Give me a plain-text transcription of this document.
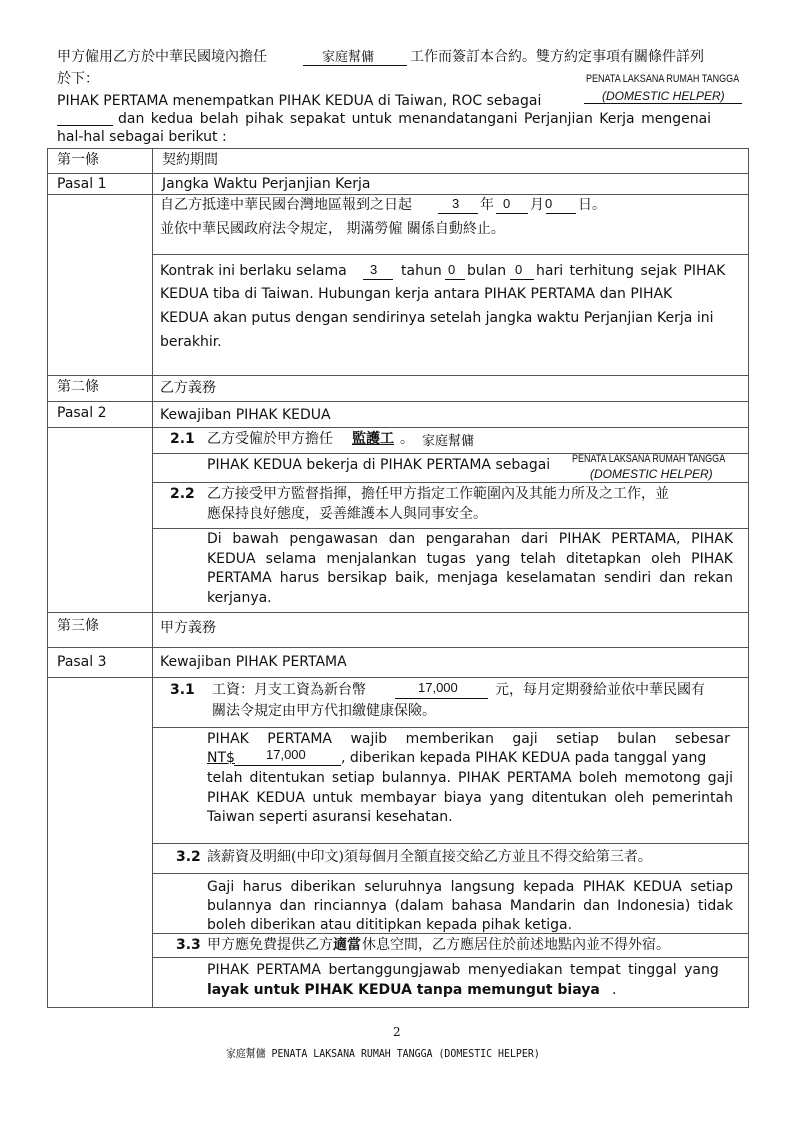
甲方僱用乙方於中華民國境內擔任	家庭幫傭	工作而簽訂本合約。雙方約定事項有關條件詳列
於下：	PENATA LAKSANA RUMAH TANGGA
(DOMESTIC HELPER)
PIHAK PERTAMA menempatkan PIHAK KEDUA di Taiwan, ROC sebagai
dan kedua belah pihak sepakat untuk menandatangani Perjanjian Kerja mengenai
hal-hal sebagai berikut :
第一條	契約期間
Pasal 1	Jangka Waktu Perjanjian Kerja
自乙方抵達中華民國台灣地區報到之日起	3 年 0 月 0 日。
並依中華民國政府法令規定， 期滿勞僱 關係自動終止。
Kontrak ini berlaku selama 3 tahun 0 bulan 0 hari terhitung sejak PIHAK
KEDUA tiba di Taiwan. Hubungan kerja antara PIHAK PERTAMA dan PIHAK
KEDUA akan putus dengan sendirinya setelah jangka waktu Perjanjian Kerja ini
berakhir.
第二條	乙方義務
Pasal 2	Kewajiban PIHAK KEDUA
2.1 乙方受僱於甲方擔任 監護工 。 家庭幫傭
PIHAK KEDUA bekerja di PIHAK PERTAMA sebagai PENATA LAKSANA RUMAH TANGGA
(DOMESTIC HELPER)
2.2 乙方接受甲方監督指揮，擔任甲方指定工作範圍內及其能力所及之工作，並
應保持良好態度，妥善維護本人與同事安全。
Di bawah pengawasan dan pengarahan dari PIHAK PERTAMA, PIHAK KEDUA selama menjalankan tugas yang telah ditetapkan oleh PIHAK PERTAMA harus bersikap baik, menjaga keselamatan sendiri dan rekan kerjanya.
第三條	甲方義務
Pasal 3	Kewajiban PIHAK PERTAMA
3.1 工資：月支工資為新台幣	17,000	元，每月定期發給並依中華民國有
關法令規定由甲方代扣繳健康保險。
PIHAK PERTAMA wajib memberikan gaji setiap bulan sebesar
NT$ 17,000	, diberikan kepada PIHAK KEDUA pada tanggal yang
telah ditentukan setiap bulannya. PIHAK PERTAMA boleh memotong gaji PIHAK KEDUA untuk membayar biaya yang ditentukan oleh pemerintah Taiwan seperti asuransi kesehatan.
3.2 該薪資及明細(中印文)須每個月全額直接交給乙方並且不得交給第三者。
Gaji harus diberikan seluruhnya langsung kepada PIHAK KEDUA setiap bulannya dan rinciannya (dalam bahasa Mandarin dan Indonesia) tidak boleh diberikan atau dititipkan kepada pihak ketiga.
3.3 甲方應免費提供乙方 適當 休息空間，乙方應居住於前述地點內並不得外宿。
PIHAK PERTAMA bertanggungjawab menyediakan tempat tinggal yang
layak untuk PIHAK KEDUA tanpa memungut biaya .
2
家庭幫傭 PENATA LAKSANA RUMAH TANGGA (DOMESTIC HELPER)
